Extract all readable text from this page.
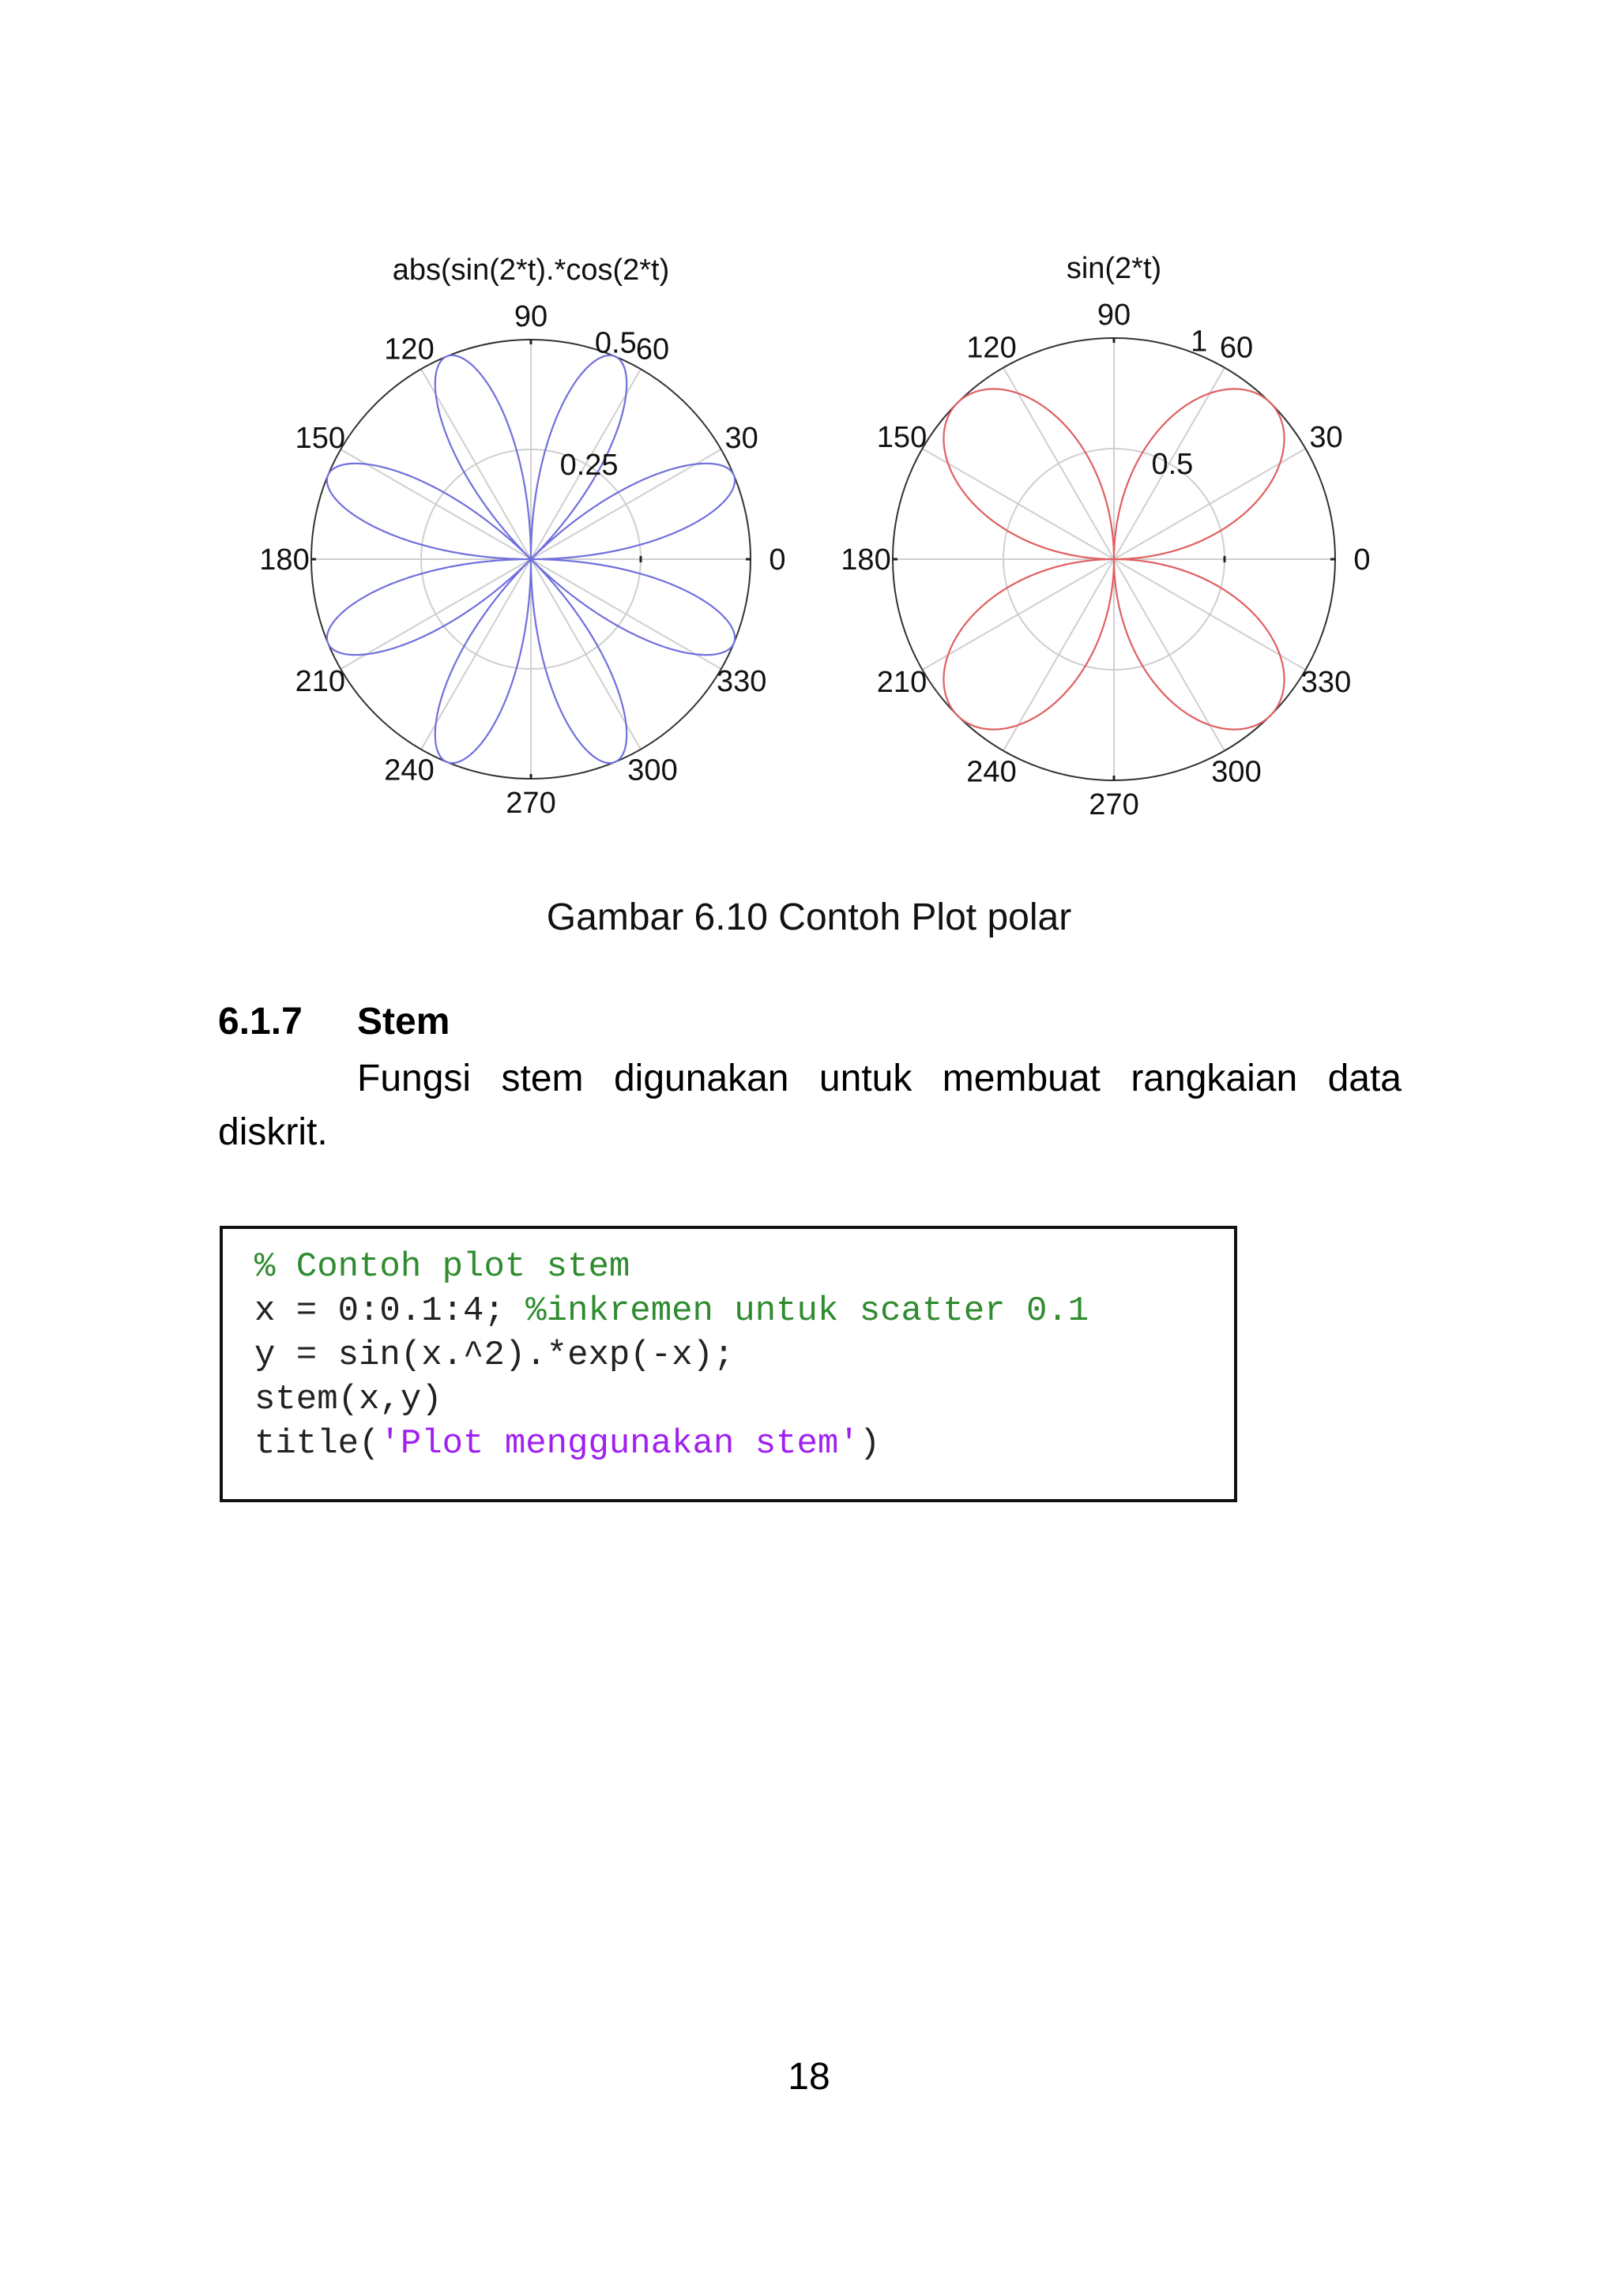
abs(sin(2*t).*cos(2*t)
0
30
60
90
120
150
180
210
240
270
300
330
0.25
0.5
sin(2*t)
0
30
60
90
120
150
180
210
240
270
300
330
0.5
1
Gambar 6.10 Contoh Plot polar
6.1.7 Stem

Fungsi stem digunakan untuk membuat rangkaian data diskrit.

% Contoh plot stem
x = 0:0.1:4; %inkremen untuk scatter 0.1
y = sin(x.^2).*exp(-x);
stem(x,y)
title('Plot menggunakan stem')
18
